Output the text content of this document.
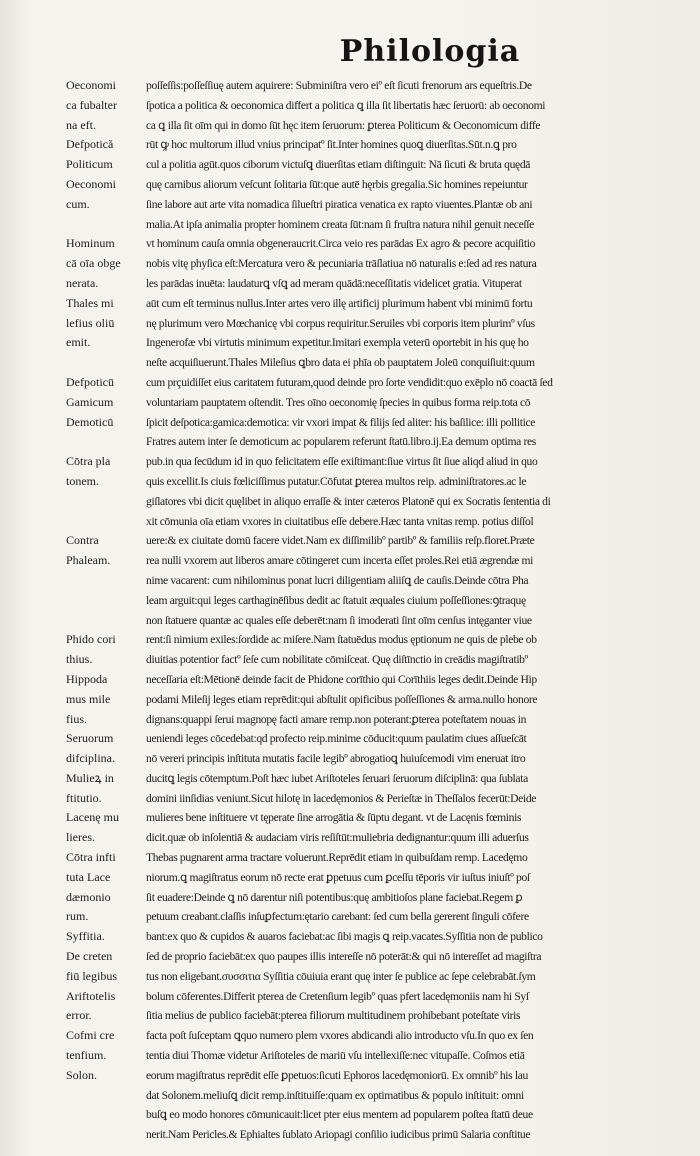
Philologia

Oeconomi
ca fubalter
na eft.

Defpotică
Politicum
Oeconomi
cum.

Hominum
cā oīa obge
nerata.

Thales mi
lefius oliū
emit.

Defpoticū
Gamicum
Demoticū

Cōtra pla
tonem.

Contra
Phaleam.

Phido cori
thius.
Hippoda
mus mile
fius.
Seruorum
difciplina.
Mulieꝝ in
ftitutio.
Lacenę mu
lieres.
Cōtra infti
tuta Lace
dæmonio
rum.
Syffitia.
De creten
fiū legibus
Ariftotelis
error.
Cofmi cre
tenfium.
Solon.

poſſeſſis:poſſeſſiuę autem aquirere: Subminiſtra vero eiº eſt ſicuti frenorum ars equeſtris.De
ſpotica a politica & oeconomica differt a politica ꝗ illa ſit libertatis hæc ſeruorū: ab oeconomi
ca ꝗ illa ſit oīm qui in domo ſūt hęc item ſeruorum: ꝑterea Politicum & Oeconomicum diffe
rūt ꝙ hoc multorum illud vnius principatº ſit.Inter homines quoꝗ diuerſitas.Sūt.n.ꝗ pro
cul a politia agūt.quos ciborum victuſꝗ diuerſitas etiam diſtinguit: Nā ſicuti & bruta quędā
quę carnibus aliorum veſcunt ſolitaria ſūt:que autē hęrbis gregalia.Sic homines repeiuntur
ſine labore aut arte vita nomadica ſilueſtri piratica venatica ex rapto viuentes.Plantæ ob ani
malia.At ipſa animalia propter hominem creata ſūt:nam ſi fruſtra natura nihil genuit neceſſe
vt hominum cauſa omnia obgeneraucrit.Circa veio res parādas Ex agro & pecore acquiſitio
nobis vitę phyſica eſt:Mercatura vero & pecuniaria trāſlatiua nō naturalis e:ſed ad res natura
les parādas inuēta: laudaturꝗ vſꝗ ad meram quādā:neceſſitatis videlicet gratia. Vituperat
aūt cum eſt terminus nullus.Inter artes vero illę artificij plurimum habent vbi minimū fortu
nę plurimum vero Mœchanicę vbi corpus requiritur.Seruiles vbi corporis item plurimº vſus
Ingenerofæ vbi virtutis minimum expetitur.Imitari exempla veterū oportebit in his quę ho
neſte acquiſiuerunt.Thales Mileſius ꝗbro data ei phīa ob pauptatem Joleū conquiſiuit:quum
cum prçuidiſſet eius caritatem futuram,quod deinde pro ſorte vendidit:quo exēplo nō coactā ſed
voluntariam pauptatem oſtendit. Tres oīno oeconomię ſpecies in quibus forma reip.tota cō
ſpicit deſpotica:gamica:demotica: vir vxori impat & filijs ſed aliter: his baſilice: illi pollitice
Fratres autem inter ſe demoticum ac popularem referunt ſtatū.libro.ij.Ea demum optima res
pub.in qua ſecūdum id in quo felicitatem eſſe exiſtimant:ſiue virtus ſit ſiue aliqd aliud in quo
quis excellit.Is ciuis fœliciſſimus putatur.Cōfutat ꝑterea multos reip. adminiſtratores.ac le
giſlatores vbi dicit quęlibet in aliquo erraſſe & inter cæteros Platonē qui ex Socratis ſententia di
xit cōmunia oīa etiam vxores in ciuitatibus eſſe debere.Hæc tanta vnitas remp. potius diſſol
uere:& ex ciuitate domū facere videt.Nam ex diſſimilibº partibº & familiis reſp.floret.Præte
rea nulli vxorem aut liberos amare cōtingeret cum incerta eſſet proles.Rei etiā ægrendæ mi
nime vacarent: cum nihilominus ponat lucri diligentiam aliiſꝗ de cauſis.Deinde cōtra Pha
leam arguit:qui leges carthaginēſibus dedit ac ſtatuit æquales ciuium poſſeſſiones:ꝯtraquę
non ſtatuere quantæ ac quales eſſe deberēt:nam ſi imoderati ſint oīm cenſus intęganter viue
rent:ſi nimium exiles:ſordide ac miſere.Nam ſtatuēdus modus ęptionum ne quis de plebe ob
diuitias potentior factº ſeſe cum nobilitate cōmiſceat. Quę diſtīnctio in creādis magiſtratibº
neceſſaria eſt:Mētionē deinde facit de Phidone corīthio qui Corīthiis leges dedit.Deinde Hip
podami Mileſij leges etiam reprēdit:qui abſtulit opificibus poſſeſſiones & arma.nullo honore
dignans:quappi ſerui magnopę facti amare remp.non poterant:ꝑterea poteſtatem nouas in
ueniendi leges cōcedebat:qd profecto reip.minime cōducit:quum paulatim ciues aſſueſcāt
nō vereri principis inſtituta mutatis facile legibº abrogatioꝗ huiuſcemodi vim eneruat itro
ducitꝗ legis cōtemptum.Poſt hæc iubet Ariſtoteles ſeruari ſeruorum diſciplinā: qua ſublata
domini iinſidias veniunt.Sicut hilotę in lacedęmonios & Perieſtæ in Theſſalos fecerūt:Deide
mulieres bene inſtituere vt tęperate ſine arrogātia & ſūptu degant. vt de Lacęnis fœminis
dicit.quæ ob inſolentiā & audaciam viris reſiſtūt:muliebria dedignantur:quum illi aduerſus
Thebas pugnarent arma tractare voluerunt.Reprēdit etiam in quibuſdam remp. Lacedęmo
niorum.ꝗ magiſtratus eorum nō recte erat ꝑpetuus cum ꝑceſſu tēporis vir iuſtus iniuſtº poſ
ſit euadere:Deinde ꝗ nō darentur niſi potentibus:quę ambitioſos plane faciebat.Regem ꝑ
petuum creabant.claſſis inſuꝑfectum:ętario carebant: ſed cum bella gererent ſinguli cōfere
bant:ex quo & cupidos & auaros faciebat:ac ſibi magis ꝗ reip.vacates.Syſſitia non de publico
ſed de proprio faciebāt:ex quo paupes illis intereſſe nō poterāt:& qui nō intereſſet ad magiſtra
tus non eligebant.συσσιτια Syſſitia cōuiuia erant quę inter ſe publice ac ſepe celebrabāt.ſym
bolum cōferentes.Differit pterea de Cretenſium legibº quas pfert lacedęmoniis nam hi Syſ
ſitia melius de publico faciebāt:pterea filiorum multitudinem prohibebant poteſtate viris
facta poſt ſuſceptam ꝗquo numero plem vxores abdicandi alio introducto vſu.In quo ex ſen
tentia diui Thomæ videtur Ariſtoteles de mariū vſu intellexiſſe:nec vitupaſſe. Coſmos etiā
eorum magiſtratus reprēdit eſſe ꝑpetuos:ſicuti Ephoros lacedęmoniorū. Ex omnibº his lau
dat Solonem.meliuſꝗ dicit remp.inſtituiſſe:quam ex optimatibus & populo inſtituit: omni
buſꝗ eo modo honores cōmunicauit:licet pter eius mentem ad popularem poſtea ſtatū deue
nerit.Nam Pericles.& Ephialtes ſublato Ariopagi conſilio iudicibus primū Salaria conſtitue
